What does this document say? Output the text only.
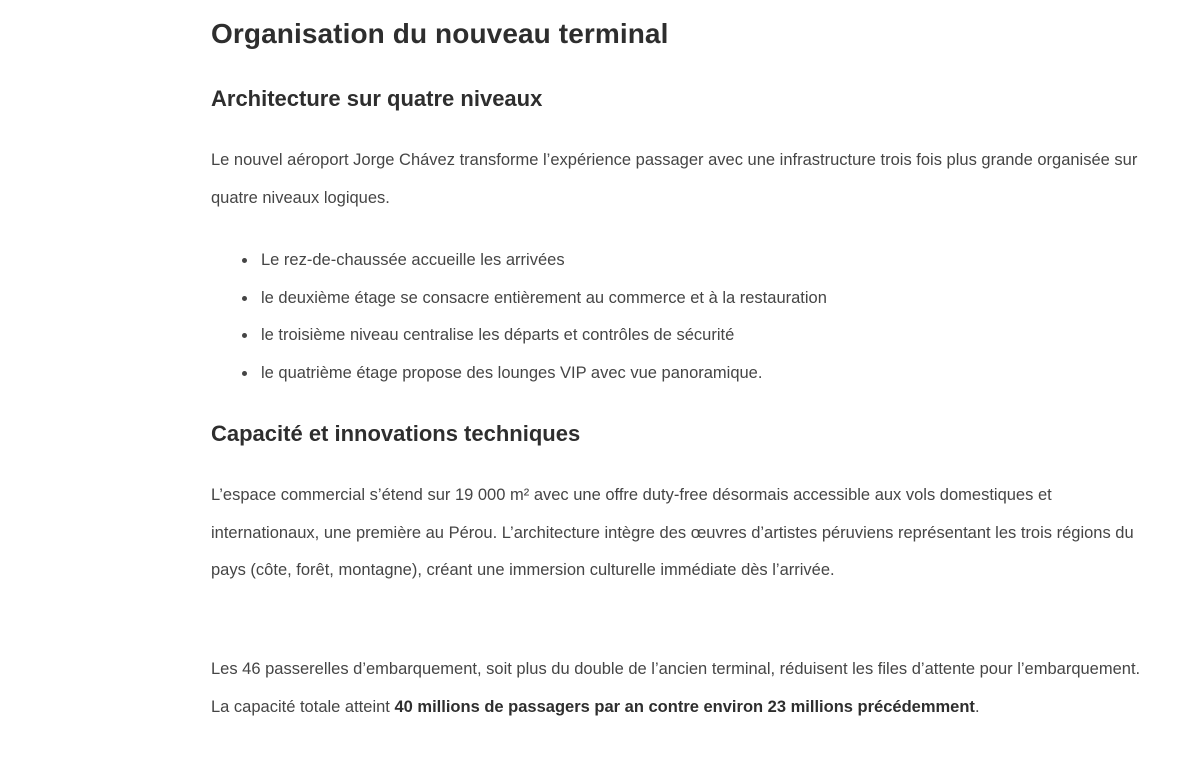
Organisation du nouveau terminal
Architecture sur quatre niveaux

Le nouvel aéroport Jorge Chávez transforme l’expérience passager avec une infrastructure trois fois plus grande organisée sur quatre niveaux logiques.

Le rez-de-chaussée accueille les arrivées
le deuxième étage se consacre entièrement au commerce et à la restauration
le troisième niveau centralise les départs et contrôles de sécurité
le quatrième étage propose des lounges VIP avec vue panoramique.
Capacité et innovations techniques

L’espace commercial s’étend sur 19 000 m² avec une offre duty-free désormais accessible aux vols domestiques et internationaux, une première au Pérou. L’architecture intègre des œuvres d’artistes péruviens représentant les trois régions du pays (côte, forêt, montagne), créant une immersion culturelle immédiate dès l’arrivée.

Les 46 passerelles d’embarquement, soit plus du double de l’ancien terminal, réduisent les files d’attente pour l’embarquement. La capacité totale atteint 40 millions de passagers par an contre environ 23 millions précédemment.
